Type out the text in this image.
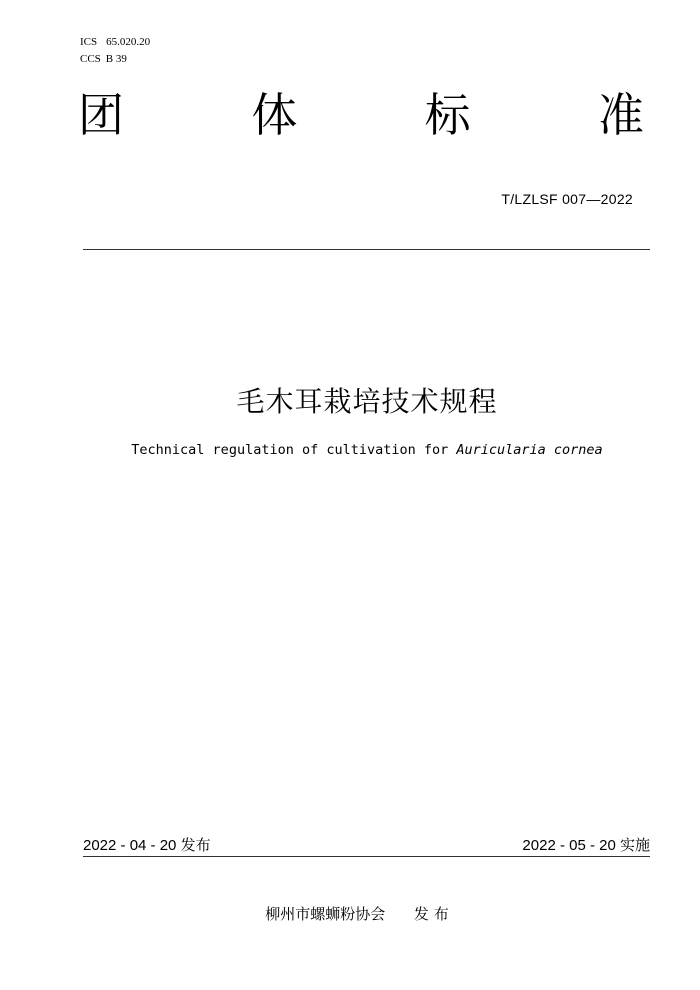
ICS 65.020.20
CCS B 39
团	体	标	准
T/LZLSF 007—2022
毛木耳栽培技术规程
Technical regulation of cultivation for Auricularia cornea
2022 - 04 - 20 发布	2022 - 05 - 20 实施
柳州市螺蛳粉协会 发 布
